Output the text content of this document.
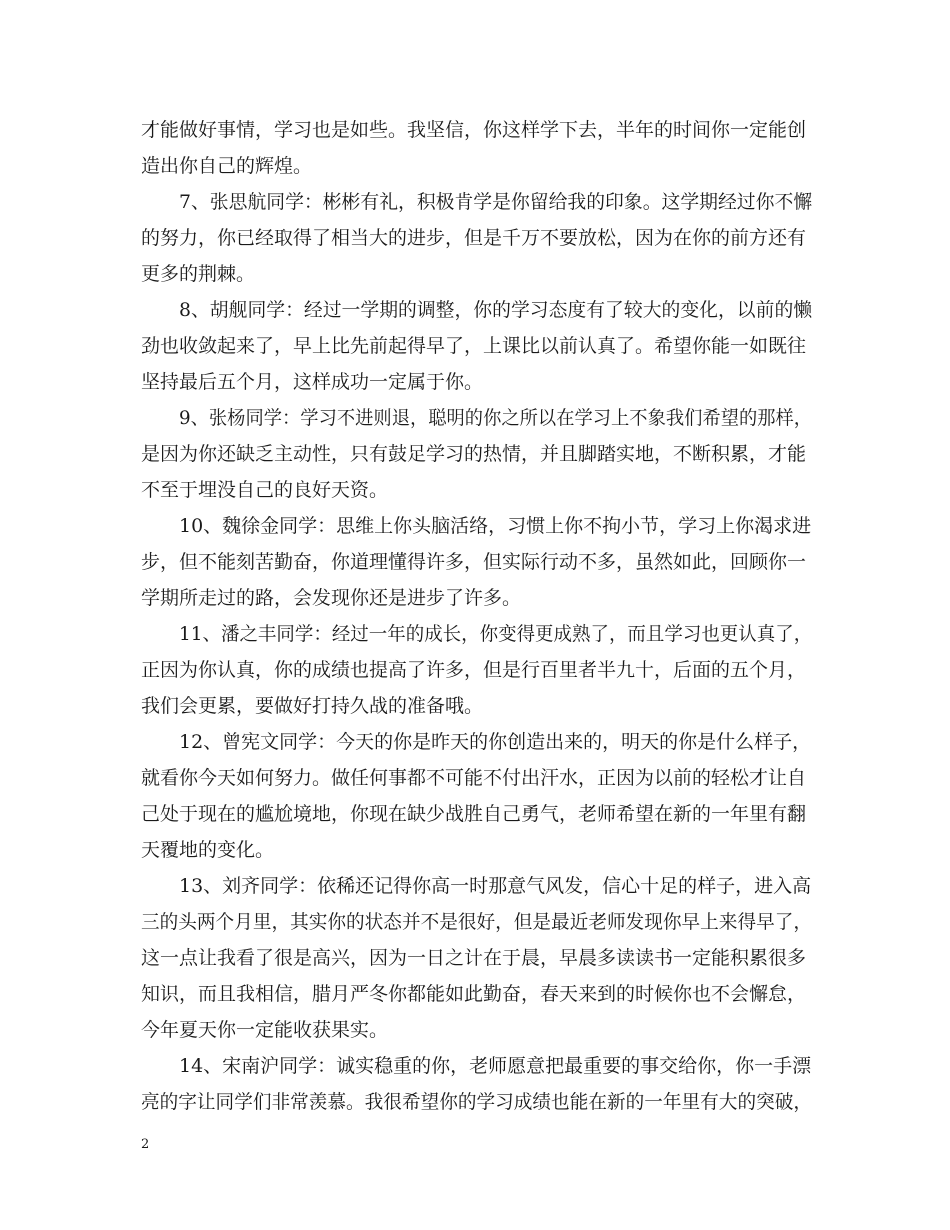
才能做好事情，学习也是如些。我坚信，你这样学下去，半年的时间你一定能创
造出你自己的辉煌。
7、张思航同学：彬彬有礼，积极肯学是你留给我的印象。这学期经过你不懈
的努力，你已经取得了相当大的进步，但是千万不要放松，因为在你的前方还有
更多的荆棘。
8、胡舰同学：经过一学期的调整，你的学习态度有了较大的变化，以前的懒
劲也收敛起来了，早上比先前起得早了，上课比以前认真了。希望你能一如既往
坚持最后五个月，这样成功一定属于你。
9、张杨同学：学习不进则退，聪明的你之所以在学习上不象我们希望的那样，
是因为你还缺乏主动性，只有鼓足学习的热情，并且脚踏实地，不断积累，才能
不至于埋没自己的良好天资。
10、魏徐金同学：思维上你头脑活络，习惯上你不拘小节，学习上你渴求进
步，但不能刻苦勤奋，你道理懂得许多，但实际行动不多，虽然如此，回顾你一
学期所走过的路，会发现你还是进步了许多。
11、潘之丰同学：经过一年的成长，你变得更成熟了，而且学习也更认真了，
正因为你认真，你的成绩也提高了许多，但是行百里者半九十，后面的五个月，
我们会更累，要做好打持久战的准备哦。
12、曾宪文同学：今天的你是昨天的你创造出来的，明天的你是什么样子，
就看你今天如何努力。做任何事都不可能不付出汗水，正因为以前的轻松才让自
己处于现在的尴尬境地，你现在缺少战胜自己勇气，老师希望在新的一年里有翻
天覆地的变化。
13、刘齐同学：依稀还记得你高一时那意气风发，信心十足的样子，进入高
三的头两个月里，其实你的状态并不是很好，但是最近老师发现你早上来得早了，
这一点让我看了很是高兴，因为一日之计在于晨，早晨多读读书一定能积累很多
知识，而且我相信，腊月严冬你都能如此勤奋，春天来到的时候你也不会懈怠，
今年夏天你一定能收获果实。
14、宋南沪同学：诚实稳重的你，老师愿意把最重要的事交给你，你一手漂
亮的字让同学们非常羡慕。我很希望你的学习成绩也能在新的一年里有大的突破，
2
